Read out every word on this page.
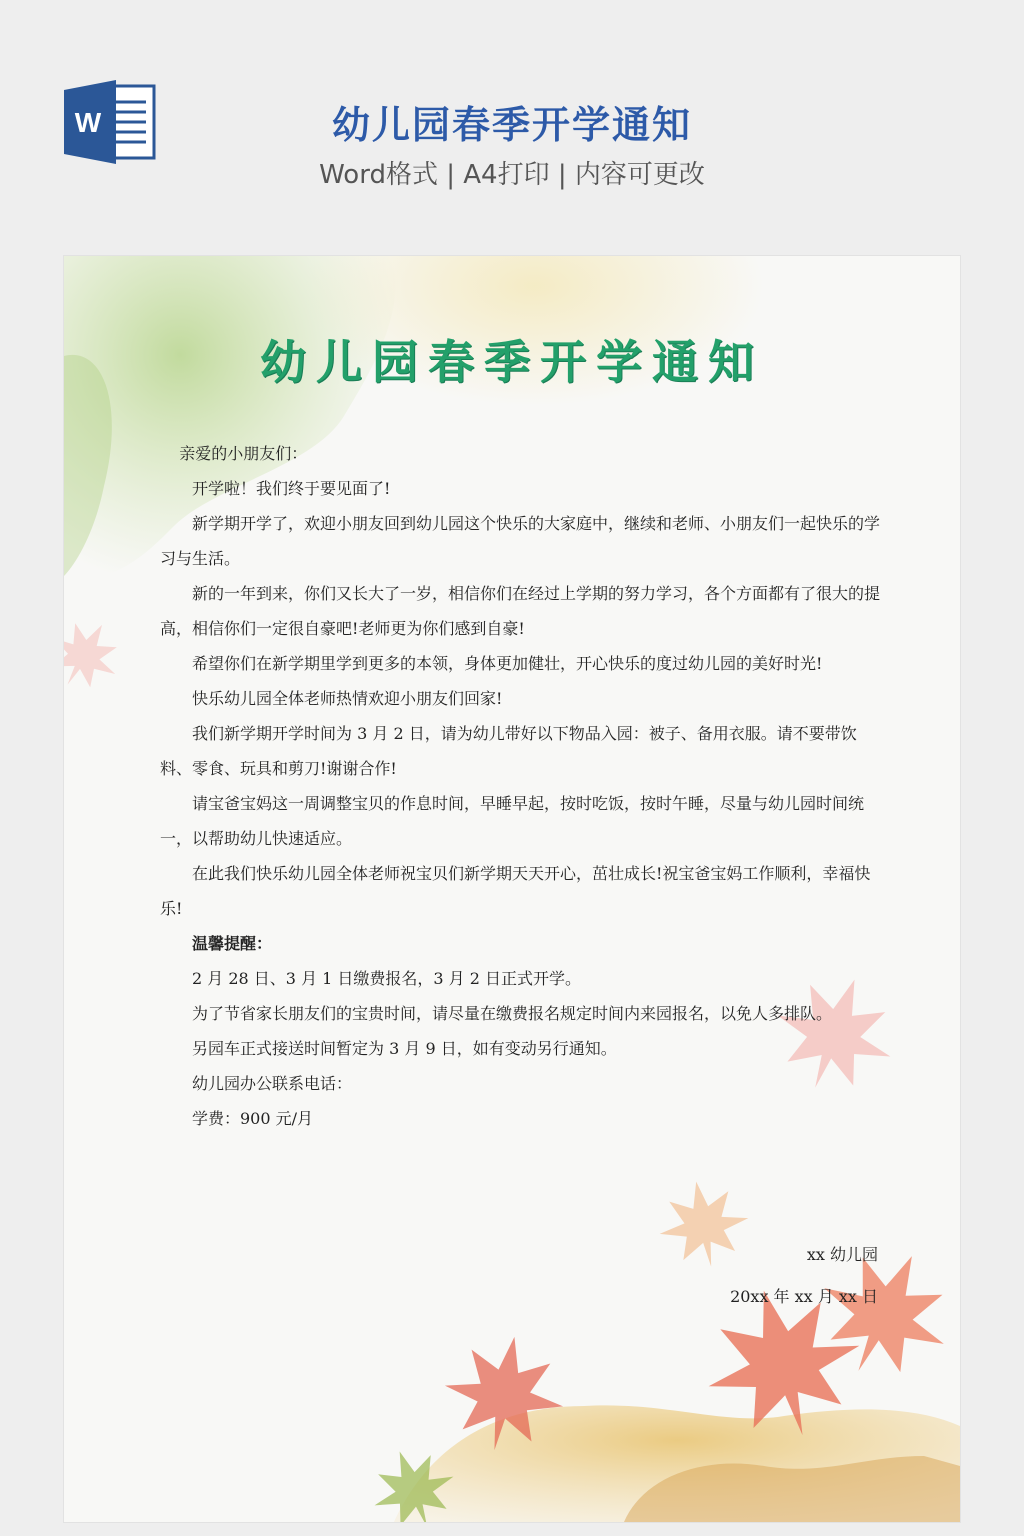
W	幼儿园春季开学通知
Word格式 | A4打印 | 内容可更改
幼儿园春季开学通知

亲爱的小朋友们：

开学啦！我们终于要见面了!

新学期开学了，欢迎小朋友回到幼儿园这个快乐的大家庭中，继续和老师、小朋友们一起快乐的学习与生活。

新的一年到来，你们又长大了一岁，相信你们在经过上学期的努力学习，各个方面都有了很大的提高，相信你们一定很自豪吧!老师更为你们感到自豪!

希望你们在新学期里学到更多的本领，身体更加健壮，开心快乐的度过幼儿园的美好时光!

快乐幼儿园全体老师热情欢迎小朋友们回家!

我们新学期开学时间为 3 月 2 日，请为幼儿带好以下物品入园：被子、备用衣服。请不要带饮料、零食、玩具和剪刀!谢谢合作!

请宝爸宝妈这一周调整宝贝的作息时间，早睡早起，按时吃饭，按时午睡，尽量与幼儿园时间统一，以帮助幼儿快速适应。

在此我们快乐幼儿园全体老师祝宝贝们新学期天天开心，茁壮成长!祝宝爸宝妈工作顺利，幸福快乐!

温馨提醒：

2 月 28 日、3 月 1 日缴费报名，3 月 2 日正式开学。

为了节省家长朋友们的宝贵时间，请尽量在缴费报名规定时间内来园报名，以免人多排队。

另园车正式接送时间暂定为 3 月 9 日，如有变动另行通知。

幼儿园办公联系电话：

学费：900 元/月

xx 幼儿园
20xx 年 xx 月 xx 日
